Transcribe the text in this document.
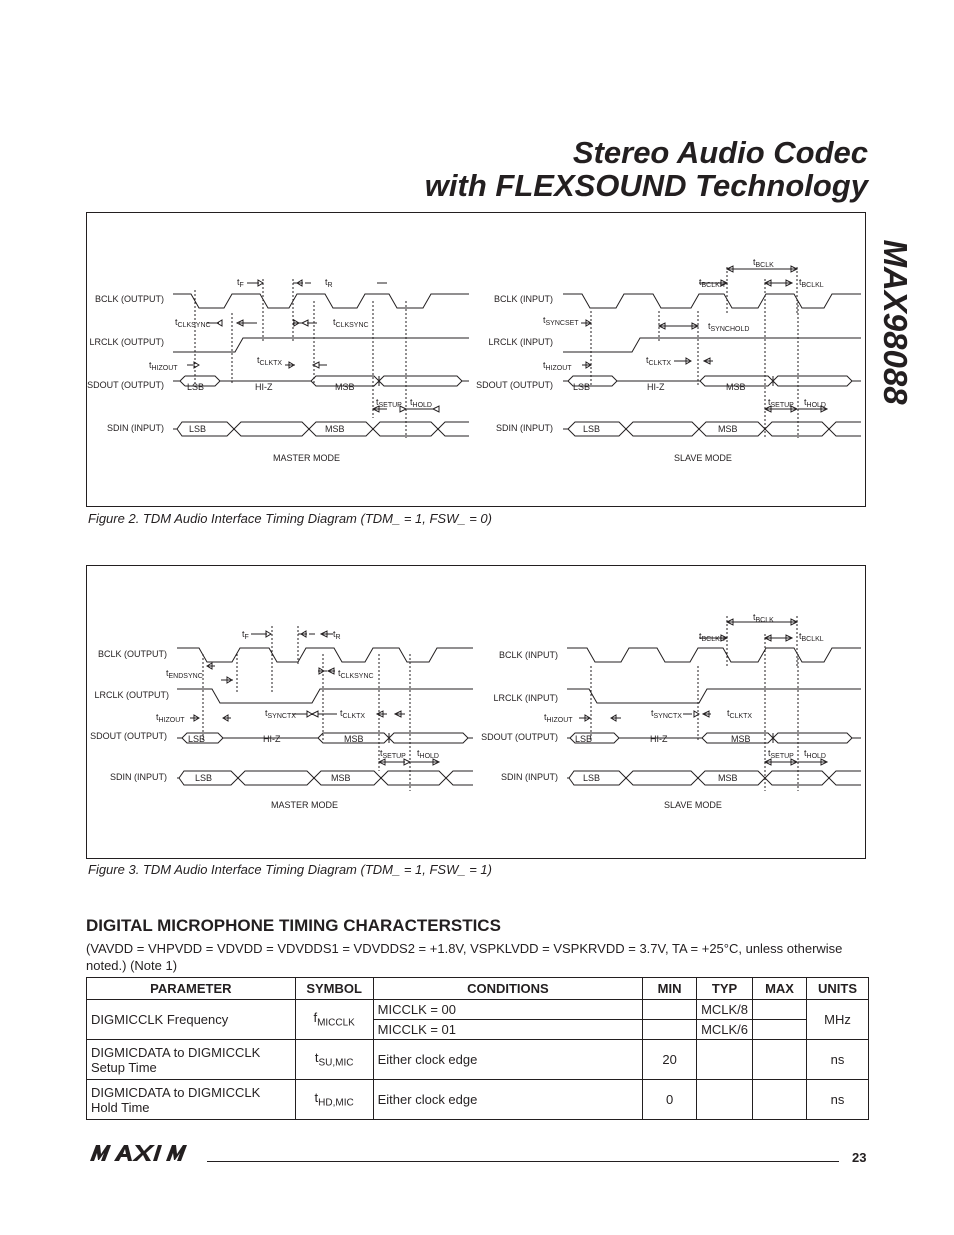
Stereo Audio Codec
with FLEXSOUND Technology
MAX98088
BCLK (OUTPUT)
LRCLK (OUTPUT)
SDOUT (OUTPUT)
SDIN (INPUT)
LSB	HI-Z	MSB
LSB	MSB
$t_F$	$t_R$
$t_{CLKSYNC}$	$t_{CLKSYNC}$
$t_{CLKTX}$
$t_{HIZOUT}$
$t_{SETUP}$ $t_{HOLD}$
MASTER MODE
BCLK (INPUT)
LRCLK (INPUT)
SDOUT (OUTPUT)
SDIN (INPUT)
LSB	HI-Z	MSB
LSB	MSB
$t_{BCLK}$
$t_{BCLKH}$	$t_{BCLKL}$
$t_{SYNCSET}$	$t_{SYNCHOLD}$
$t_{CLKTX}$
$t_{HIZOUT}$
$t_{SETUP}$ $t_{HOLD}$
SLAVE MODE
Figure 2. TDM Audio Interface Timing Diagram (TDM_ = 1, FSW_ = 0)
BCLK (OUTPUT)
LRCLK (OUTPUT)
SDOUT (OUTPUT)
SDIN (INPUT)
LSB	HI-Z	MSB
LSB	MSB
$t_F$	$t_R$
$t_{ENDSYNC}$	$t_{CLKSYNC}$
$t_{HIZOUT}$
$t_{SYNCTX}$	$t_{CLKTX}$
$t_{SETUP}$ $t_{HOLD}$
MASTER MODE
BCLK (INPUT)
LRCLK (INPUT)
SDOUT (OUTPUT)
SDIN (INPUT)
LSB	HI-Z	MSB
LSB	MSB
$t_{BCLK}$
$t_{BCLKH}$	$t_{BCLKL}$
$t_{HIZOUT}$
$t_{SYNCTX}$	$t_{CLKTX}$
$t_{SETUP}$ $t_{HOLD}$
SLAVE MODE
Figure 3. TDM Audio Interface Timing Diagram (TDM_ = 1, FSW_ = 1)
DIGITAL MICROPHONE TIMING CHARACTERSTICS
(VAVDD = VHPVDD = VDVDD = VDVDDS1 = VDVDDS2 = +1.8V, VSPKLVDD = VSPKRVDD = 3.7V, TA = +25°C, unless otherwise noted.) (Note 1)
PARAMETER	SYMBOL	CONDITIONS	MIN	TYP	MAX	UNITS
DIGMICCLK Frequency	$f_{MICCLK}$	MICCLK = 00		MCLK/8		MHz
		MICCLK = 01		MCLK/6		

DIGMICDATA to DIGMICCLK
Setup Time	$t_{SU,MIC}$	Either clock edge	20			ns

DIGMICDATA to DIGMICCLK
Hold Time	$t_{HD,MIC}$	Either clock edge	0			ns
23
